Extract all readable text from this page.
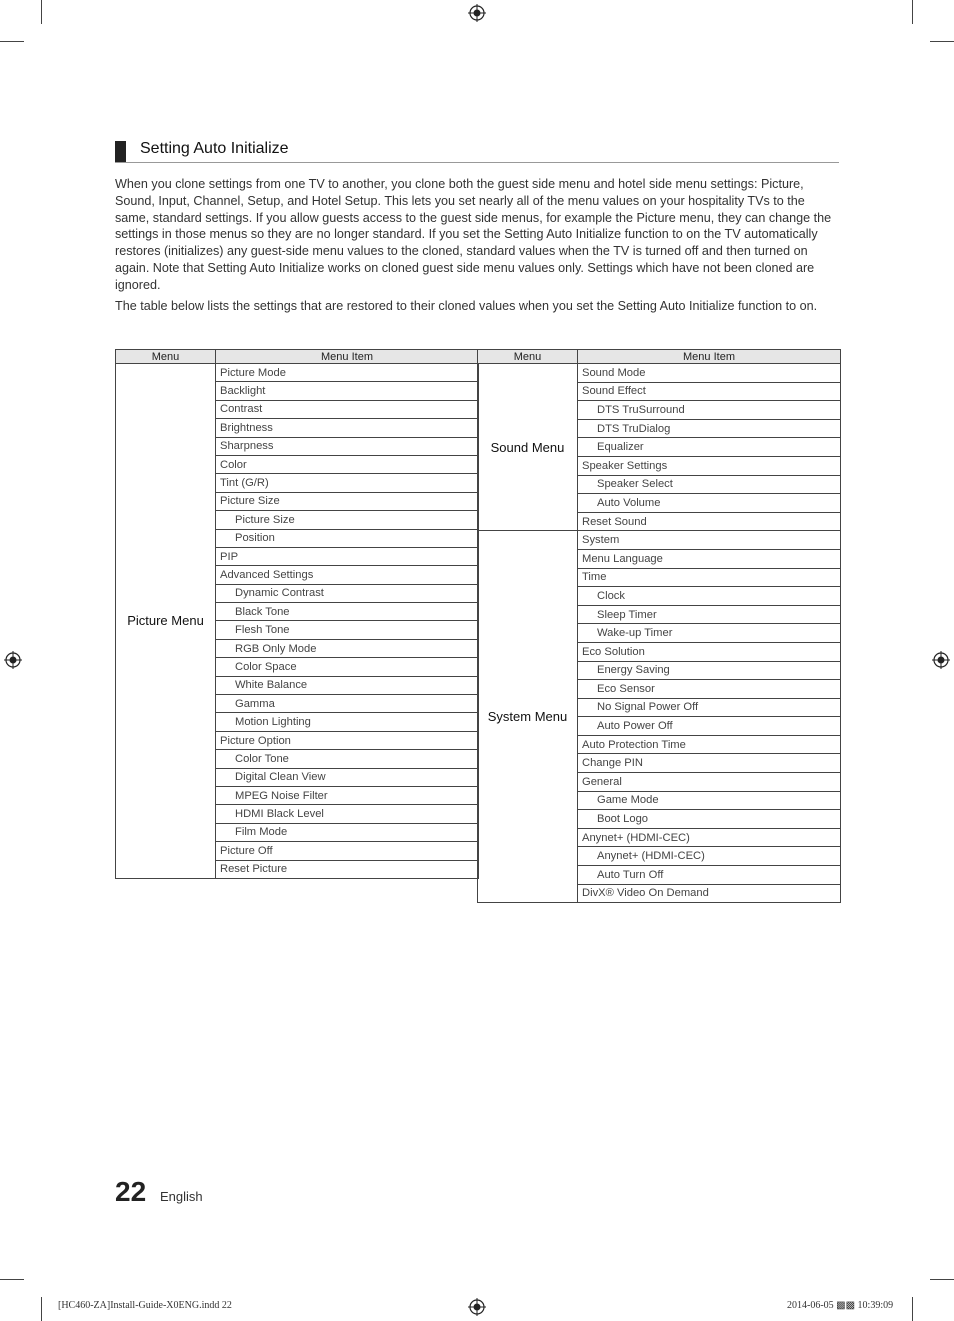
Setting Auto Initialize

When you clone settings from one TV to another, you clone both the guest side menu and hotel side menu settings: Picture, Sound, Input, Channel, Setup, and Hotel Setup. This lets you set nearly all of the menu values on your hospitality TVs to the same, standard settings. If you allow guests access to the guest side menus, for example the Picture menu, they can change the settings in those menus so they are no longer standard. If you set the Setting Auto Initialize function to on the TV automatically restores (initializes) any guest-side menu values to the cloned, standard values when the TV is turned off and then turned on again. Note that Setting Auto Initialize works on cloned guest side menu values only. Settings which have not been cloned are ignored.

The table below lists the settings that are restored to their cloned values when you set the Setting Auto Initialize function to on.

Menu	Menu Item
Picture Menu	Picture Mode
	Backlight
	Contrast
	Brightness
	Sharpness
	Color
	Tint (G/R)
	Picture Size
	Picture Size
	Position
	PIP
	Advanced Settings
	Dynamic Contrast
	Black Tone
	Flesh Tone
	RGB Only Mode
	Color Space
	White Balance
	Gamma
	Motion Lighting
	Picture Option
	Color Tone
	Digital Clean View
	MPEG Noise Filter
	HDMI Black Level
	Film Mode
	Picture Off
	Reset Picture
Menu	Menu Item
Sound Menu	Sound Mode
	Sound Effect
	DTS TruSurround
	DTS TruDialog
	Equalizer
	Speaker Settings
	Speaker Select
	Auto Volume
	Reset Sound
System Menu	System
	Menu Language
	Time
	Clock
	Sleep Timer
	Wake-up Timer
	Eco Solution
	Energy Saving
	Eco Sensor
	No Signal Power Off
	Auto Power Off
	Auto Protection Time
	Change PIN
	General
	Game Mode
	Boot Logo
	Anynet+ (HDMI-CEC)
	Anynet+ (HDMI-CEC)
	Auto Turn Off
	DivX® Video On Demand
22 English
[HC460-ZA]Install-Guide-X0ENG.indd 22	2014-06-05 ▩▩ 10:39:09
